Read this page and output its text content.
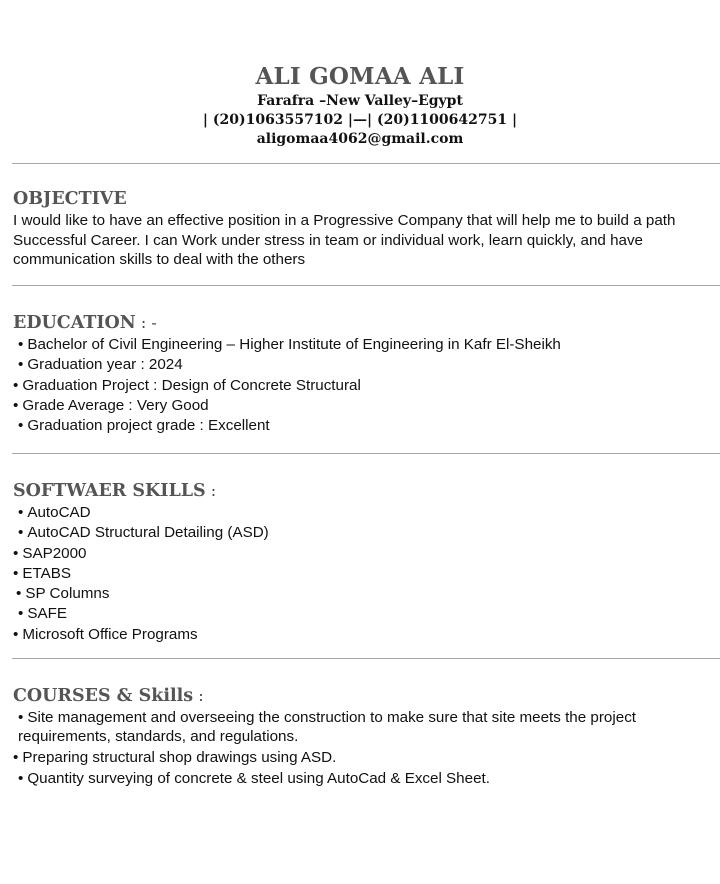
ALI GOMAA ALI
Farafra –New Valley–Egypt
| (20)1063557102 |—| (20)1100642751 |
aligomaa4062@gmail.com
OBJECTIVE

I would like to have an effective position in a Progressive Company that will help me to build a path Successful Career. I can Work under stress in team or individual work, learn quickly, and have communication skills to deal with the others

EDUCATION : -
• Bachelor of Civil Engineering – Higher Institute of Engineering in Kafr El-Sheikh
• Graduation year : 2024
• Graduation Project : Design of Concrete Structural
• Grade Average : Very Good
• Graduation project grade : Excellent
SOFTWAER SKILLS :
• AutoCAD
• AutoCAD Structural Detailing (ASD)
• SAP2000
• ETABS
• SP Columns
• SAFE
• Microsoft Office Programs
COURSES & Skills :
• Site management and overseeing the construction to make sure that site meets the project requirements, standards, and regulations.
• Preparing structural shop drawings using ASD.
• Quantity surveying of concrete & steel using AutoCad & Excel Sheet.
